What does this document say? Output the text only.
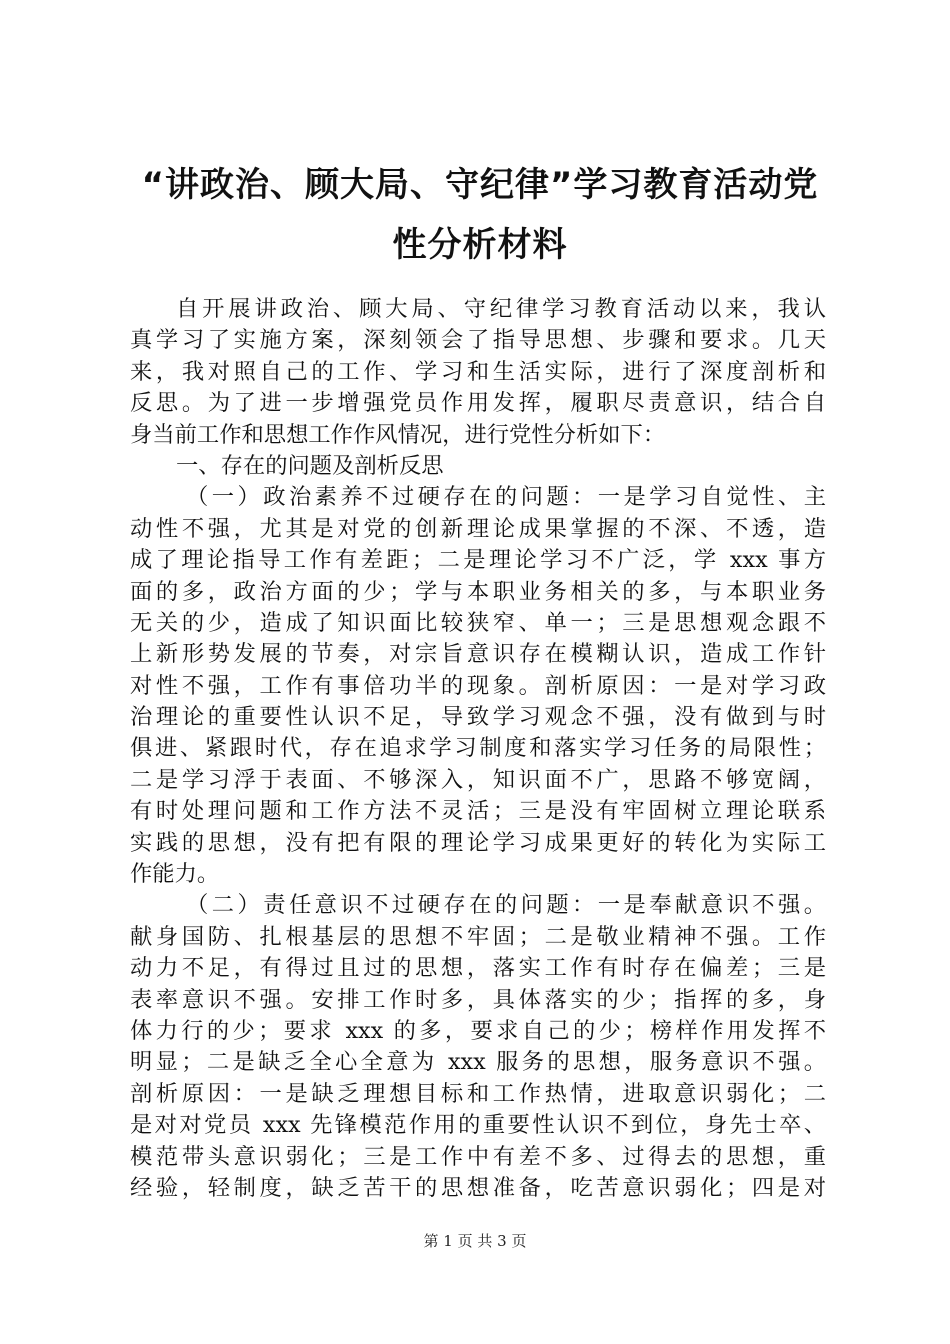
“讲政治、顾大局、守纪律”学习教育活动党
性分析材料
自开展讲政治、顾大局、守纪律学习教育活动以来，我认
真学习了实施方案，深刻领会了指导思想、步骤和要求。几天
来，我对照自己的工作、学习和生活实际，进行了深度剖析和
反思。为了进一步增强党员作用发挥，履职尽责意识，结合自
身当前工作和思想工作作风情况，进行党性分析如下：
一、存在的问题及剖析反思
（一）政治素养不过硬存在的问题：一是学习自觉性、主
动性不强，尤其是对党的创新理论成果掌握的不深、不透，造
成了理论指导工作有差距；二是理论学习不广泛，学 xxx 事方
面的多，政治方面的少；学与本职业务相关的多，与本职业务
无关的少，造成了知识面比较狭窄、单一；三是思想观念跟不
上新形势发展的节奏，对宗旨意识存在模糊认识，造成工作针
对性不强，工作有事倍功半的现象。剖析原因：一是对学习政
治理论的重要性认识不足，导致学习观念不强，没有做到与时
俱进、紧跟时代，存在追求学习制度和落实学习任务的局限性；
二是学习浮于表面、不够深入，知识面不广，思路不够宽阔，
有时处理问题和工作方法不灵活；三是没有牢固树立理论联系
实践的思想，没有把有限的理论学习成果更好的转化为实际工
作能力。
（二）责任意识不过硬存在的问题：一是奉献意识不强。
献身国防、扎根基层的思想不牢固；二是敬业精神不强。工作
动力不足，有得过且过的思想，落实工作有时存在偏差；三是
表率意识不强。安排工作时多，具体落实的少；指挥的多，身
体力行的少；要求 xxx 的多，要求自己的少；榜样作用发挥不
明显；二是缺乏全心全意为 xxx 服务的思想，服务意识不强。
剖析原因：一是缺乏理想目标和工作热情，进取意识弱化；二
是对对党员 xxx 先锋模范作用的重要性认识不到位，身先士卒、
模范带头意识弱化；三是工作中有差不多、过得去的思想，重
经验，轻制度，缺乏苦干的思想准备，吃苦意识弱化；四是对
第 1 页 共 3 页
